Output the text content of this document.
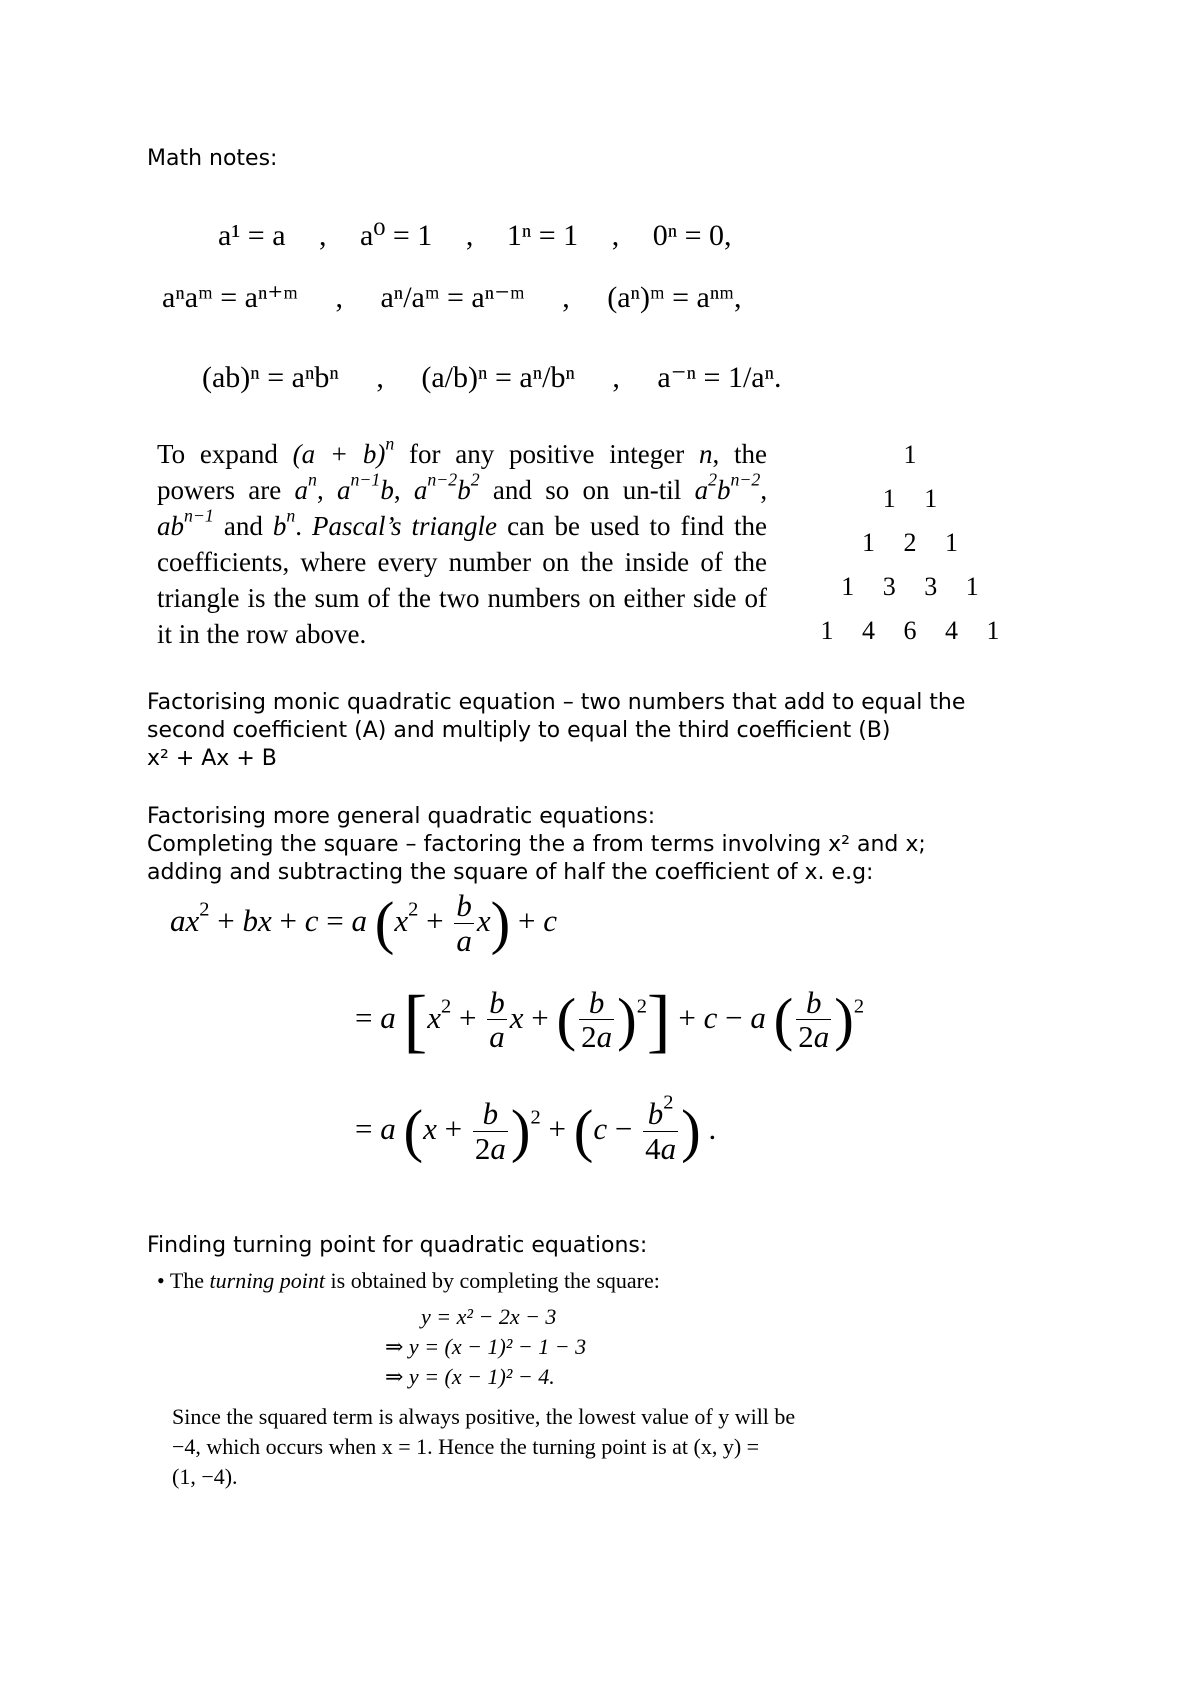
Math notes:
a¹ = a , a⁰ = 1 , 1ⁿ = 1 , 0ⁿ = 0,
aⁿaᵐ = aⁿ⁺ᵐ , aⁿ/aᵐ = aⁿ⁻ᵐ , (aⁿ)ᵐ = aⁿᵐ,
(ab)ⁿ = aⁿbⁿ , (a/b)ⁿ = aⁿ/bⁿ , a⁻ⁿ = 1/aⁿ.
To expand $(a + b)^n$ for any positive integer n, the powers are $a^n$, $a^{n-1}b$, $a^{n-2}b^2$ and so on un-til $a^2b^{n-2}$, $ab^{n-1}$ and $b^n$. Pascal’s triangle can be used to find the coefficients, where every number on the inside of the triangle is the sum of the two numbers on either side of it in the row above.
1
1 1
1 2 1
1 3 3 1
1 4 6 4 1
Factorising monic quadratic equation – two numbers that add to equal the
second coefficient (A) and multiply to equal the third coefficient (B)
x² + Ax + B
Factorising more general quadratic equations:
Completing the square – factoring the a from terms involving x² and x;
adding and subtracting the square of half the coefficient of x. e.g:
$ax^2$ + bx + c = a $(x^2 + \frac{b}{a} x) + c$
= a [$x^2 + \frac{b}{a}$ x + ( $\frac{b}{2a} )^2] + c - a$ ( $\frac{b}{2a} )^2$
= a $(x + \frac{b}{2a} )^2 + (c - \frac{b^2}{4a}$ ) .
Finding turning point for quadratic equations:
• The turning point is obtained by completing the square:
y = x² − 2x − 3
⇒ y = (x − 1)² − 1 − 3
⇒ y = (x − 1)² − 4.
Since the squared term is always positive, the lowest value of y will be
−4, which occurs when x = 1. Hence the turning point is at (x, y) =
(1, −4).
